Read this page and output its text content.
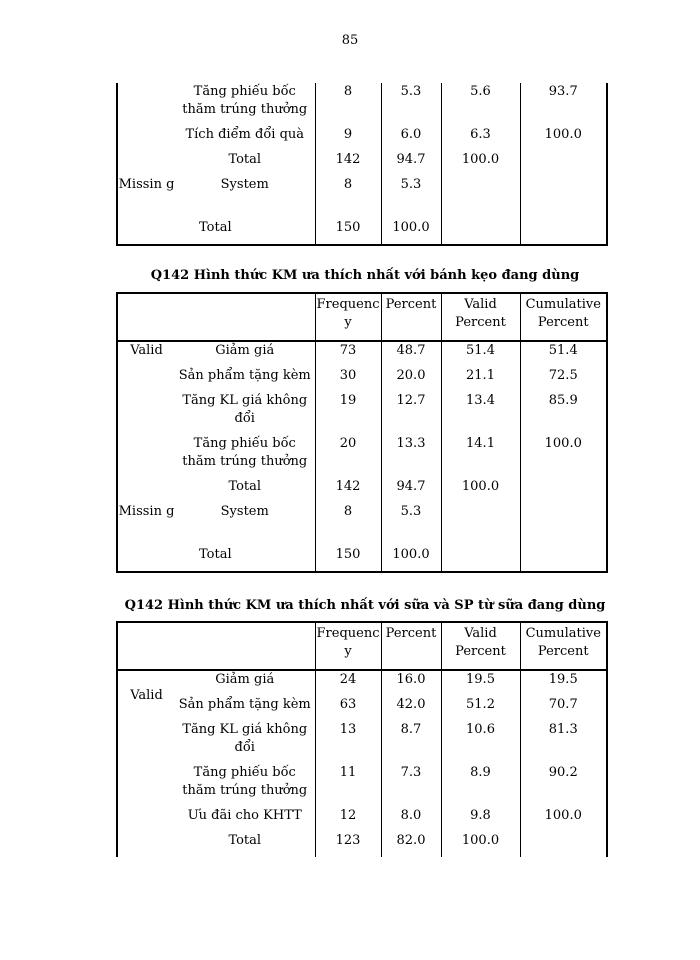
85
	Tăng phiếu bốc thăm trúng thưởng	8	5.3	5.6	93.7
	Tích điểm đổi quà	9	6.0	6.3	100.0
	Total	142	94.7	100.0	
Missin g	System	8	5.3		
	Total	150	100.0		
Q142 Hình thức KM ưa thích nhất với bánh kẹo đang dùng
		Frequenc y	Percent	Valid Percent	Cumulative Percent
Valid	Giảm giá	73	48.7	51.4	51.4
	Sản phẩm tặng kèm	30	20.0	21.1	72.5
	Tăng KL giá không đổi	19	12.7	13.4	85.9
	Tăng phiếu bốc thăm trúng thưởng	20	13.3	14.1	100.0
	Total	142	94.7	100.0	
Missin g	System	8	5.3		
	Total	150	100.0		
Q142 Hình thức KM ưa thích nhất với sữa và SP từ sữa đang dùng
		Frequenc y	Percent	Valid Percent	Cumulative Percent
Valid	Giảm giá	24	16.0	19.5	19.5
	Sản phẩm tặng kèm	63	42.0	51.2	70.7
	Tăng KL giá không đổi	13	8.7	10.6	81.3
	Tăng phiếu bốc thăm trúng thưởng	11	7.3	8.9	90.2
	Ưu đãi cho KHTT	12	8.0	9.8	100.0
	Total	123	82.0	100.0	
